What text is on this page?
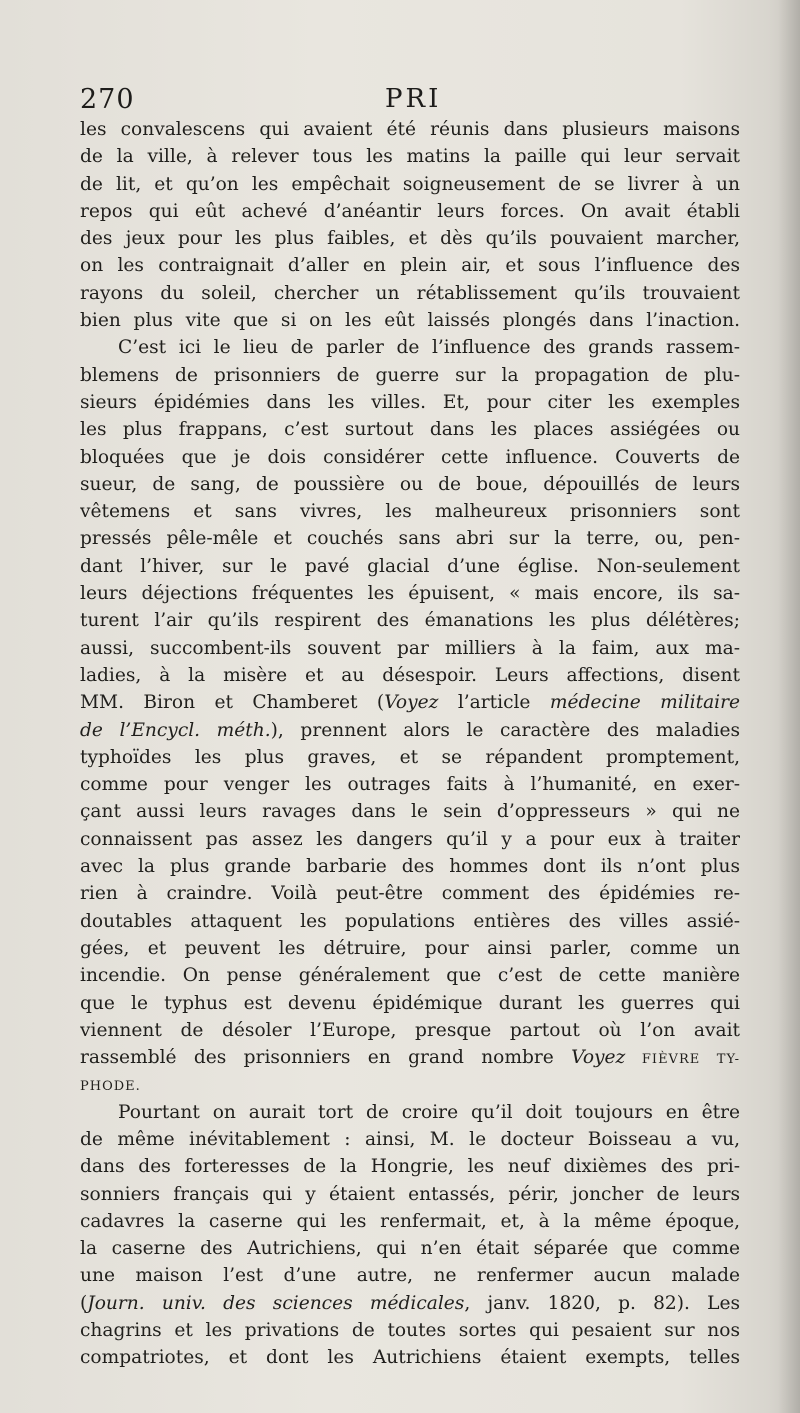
270	PRI
les convalescens qui avaient été réunis dans plusieurs maisons
de la ville, à relever tous les matins la paille qui leur servait
de lit, et qu’on les empêchait soigneusement de se livrer à un
repos qui eût achevé d’anéantir leurs forces. On avait établi
des jeux pour les plus faibles, et dès qu’ils pouvaient marcher,
on les contraignait d’aller en plein air, et sous l’influence des
rayons du soleil, chercher un rétablissement qu’ils trouvaient
bien plus vite que si on les eût laissés plongés dans l’inaction.
C’est ici le lieu de parler de l’influence des grands rassem-
blemens de prisonniers de guerre sur la propagation de plu-
sieurs épidémies dans les villes. Et, pour citer les exemples
les plus frappans, c’est surtout dans les places assiégées ou
bloquées que je dois considérer cette influence. Couverts de
sueur, de sang, de poussière ou de boue, dépouillés de leurs
vêtemens et sans vivres, les malheureux prisonniers sont
pressés pêle-mêle et couchés sans abri sur la terre, ou, pen-
dant l’hiver, sur le pavé glacial d’une église. Non-seulement
leurs déjections fréquentes les épuisent, « mais encore, ils sa-
turent l’air qu’ils respirent des émanations les plus délétères;
aussi, succombent-ils souvent par milliers à la faim, aux ma-
ladies, à la misère et au désespoir. Leurs affections, disent
MM. Biron et Chamberet (Voyez l’article médecine militaire
de l’Encycl. méth.), prennent alors le caractère des maladies
typhoïdes les plus graves, et se répandent promptement,
comme pour venger les outrages faits à l’humanité, en exer-
çant aussi leurs ravages dans le sein d’oppresseurs » qui ne
connaissent pas assez les dangers qu’il y a pour eux à traiter
avec la plus grande barbarie des hommes dont ils n’ont plus
rien à craindre. Voilà peut-être comment des épidémies re-
doutables attaquent les populations entières des villes assié-
gées, et peuvent les détruire, pour ainsi parler, comme un
incendie. On pense généralement que c’est de cette manière
que le typhus est devenu épidémique durant les guerres qui
viennent de désoler l’Europe, presque partout où l’on avait
rassemblé des prisonniers en grand nombre Voyez FIÈVRE TY-
PHODE.
Pourtant on aurait tort de croire qu’il doit toujours en être
de même inévitablement : ainsi, M. le docteur Boisseau a vu,
dans des forteresses de la Hongrie, les neuf dixièmes des pri-
sonniers français qui y étaient entassés, périr, joncher de leurs
cadavres la caserne qui les renfermait, et, à la même époque,
la caserne des Autrichiens, qui n’en était séparée que comme
une maison l’est d’une autre, ne renfermer aucun malade
(Journ. univ. des sciences médicales, janv. 1820, p. 82). Les
chagrins et les privations de toutes sortes qui pesaient sur nos
compatriotes, et dont les Autrichiens étaient exempts, telles
